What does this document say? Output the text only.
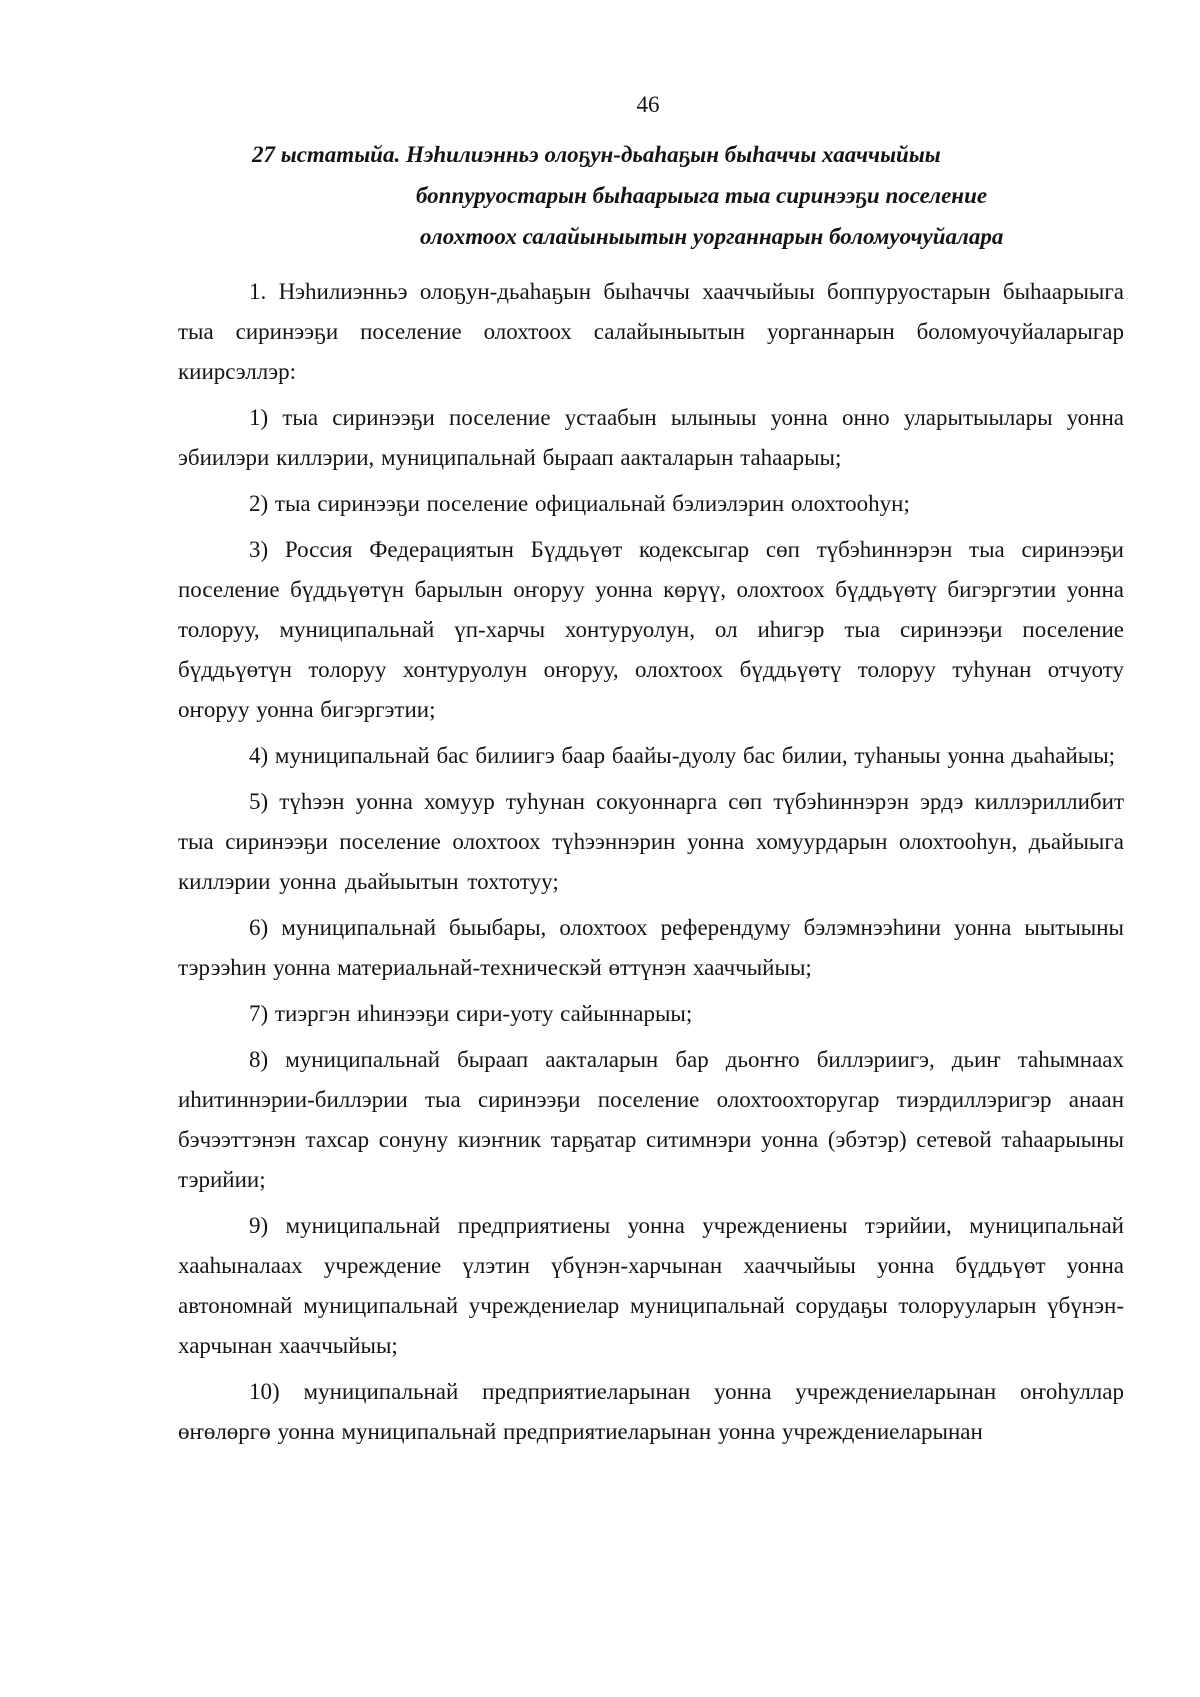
46
27 ыстатыйа. Нэһилиэнньэ олоҕун-дьаһаҕын быһаччы хааччыйыы
боппуруостарын быһаарыыга тыа сиринээҕи поселение
олохтоох салайыныытын уорганнарын боломуочуйалара

1. Нэһилиэнньэ олоҕун-дьаһаҕын быһаччы хааччыйыы боппуруостарын быһаарыыга тыа сиринээҕи поселение олохтоох салайыныытын уорганнарын боломуочуйаларыгар киирсэллэр:

1) тыа сиринээҕи поселение устаабын ылыныы уонна онно уларытыылары уонна эбиилэри киллэрии, муниципальнай быраап аакталарын таһаарыы;

2) тыа сиринээҕи поселение официальнай бэлиэлэрин олохтооһун;

3) Россия Федерациятын Бүддьүөт кодексыгар сөп түбэһиннэрэн тыа сиринээҕи поселение бүддьүөтүн барылын оҥоруу уонна көрүү, олохтоох бүддьүөтү бигэргэтии уонна толоруу, муниципальнай үп-харчы хонтуруолун, ол иһигэр тыа сиринээҕи поселение бүддьүөтүн толоруу хонтуруолун оҥоруу, олохтоох бүддьүөтү толоруу туһунан отчуоту оҥоруу уонна бигэргэтии;

4) муниципальнай бас билиигэ баар баайы-дуолу бас билии, туһаныы уонна дьаһайыы;

5) түһээн уонна хомуур туһунан сокуоннарга сөп түбэһиннэрэн эрдэ киллэриллибит тыа сиринээҕи поселение олохтоох түһээннэрин уонна хомуурдарын олохтооһун, дьайыыга киллэрии уонна дьайыытын тохтотуу;

6) муниципальнай быыбары, олохтоох референдуму бэлэмнээһини уонна ыытыыны тэрээһин уонна материальнай-техническэй өттүнэн хааччыйыы;

7) тиэргэн иһинээҕи сири-уоту сайыннарыы;

8) муниципальнай быраап аакталарын бар дьоҥҥо биллэриигэ, дьиҥ таһымнаах иһитиннэрии-биллэрии тыа сиринээҕи поселение олохтоохторугар тиэрдиллэригэр анаан бэчээттэнэн тахсар сонуну киэҥник тарҕатар ситимнэри уонна (эбэтэр) сетевой таһаарыыны тэрийии;

9) муниципальнай предприятиены уонна учреждениены тэрийии, муниципальнай хааһыналаах учреждение үлэтин үбүнэн-харчынан хааччыйыы уонна бүддьүөт уонна автономнай муниципальнай учреждениелар муниципальнай сорудаҕы толорууларын үбүнэн-харчынан хааччыйыы;

10) муниципальнай предприятиеларынан уонна учреждениеларынан оҥоһуллар өҥөлөргө уонна муниципальнай предприятиеларынан уонна учреждениеларынан
